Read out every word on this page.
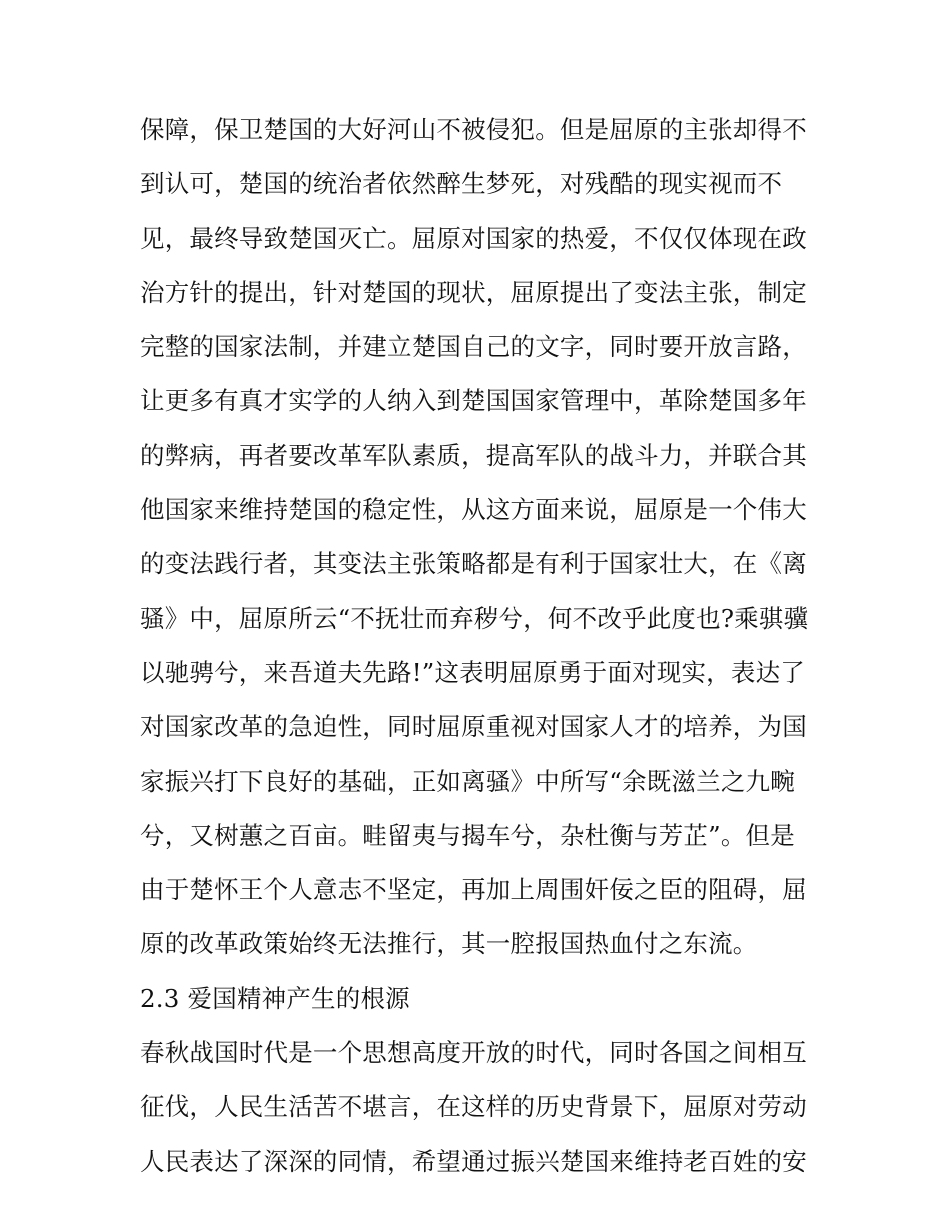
保障，保卫楚国的大好河山不被侵犯。但是屈原的主张却得不
到认可，楚国的统治者依然醉生梦死，对残酷的现实视而不
见，最终导致楚国灭亡。屈原对国家的热爱，不仅仅体现在政
治方针的提出，针对楚国的现状，屈原提出了变法主张，制定
完整的国家法制，并建立楚国自己的文字，同时要开放言路，
让更多有真才实学的人纳入到楚国国家管理中，革除楚国多年
的弊病，再者要改革军队素质，提高军队的战斗力，并联合其
他国家来维持楚国的稳定性，从这方面来说，屈原是一个伟大
的变法践行者，其变法主张策略都是有利于国家壮大，在《离
骚》中，屈原所云“不抚壮而弃秽兮，何不改乎此度也?乘骐骥
以驰骋兮，来吾道夫先路!”这表明屈原勇于面对现实，表达了
对国家改革的急迫性，同时屈原重视对国家人才的培养，为国
家振兴打下良好的基础，正如离骚》中所写“余既滋兰之九畹
兮，又树蕙之百亩。畦留夷与揭车兮，杂杜衡与芳芷”。但是
由于楚怀王个人意志不坚定，再加上周围奸佞之臣的阻碍，屈
原的改革政策始终无法推行，其一腔报国热血付之东流。
2.3 爱国精神产生的根源
春秋战国时代是一个思想高度开放的时代，同时各国之间相互
征伐，人民生活苦不堪言，在这样的历史背景下，屈原对劳动
人民表达了深深的同情，希望通过振兴楚国来维持老百姓的安
